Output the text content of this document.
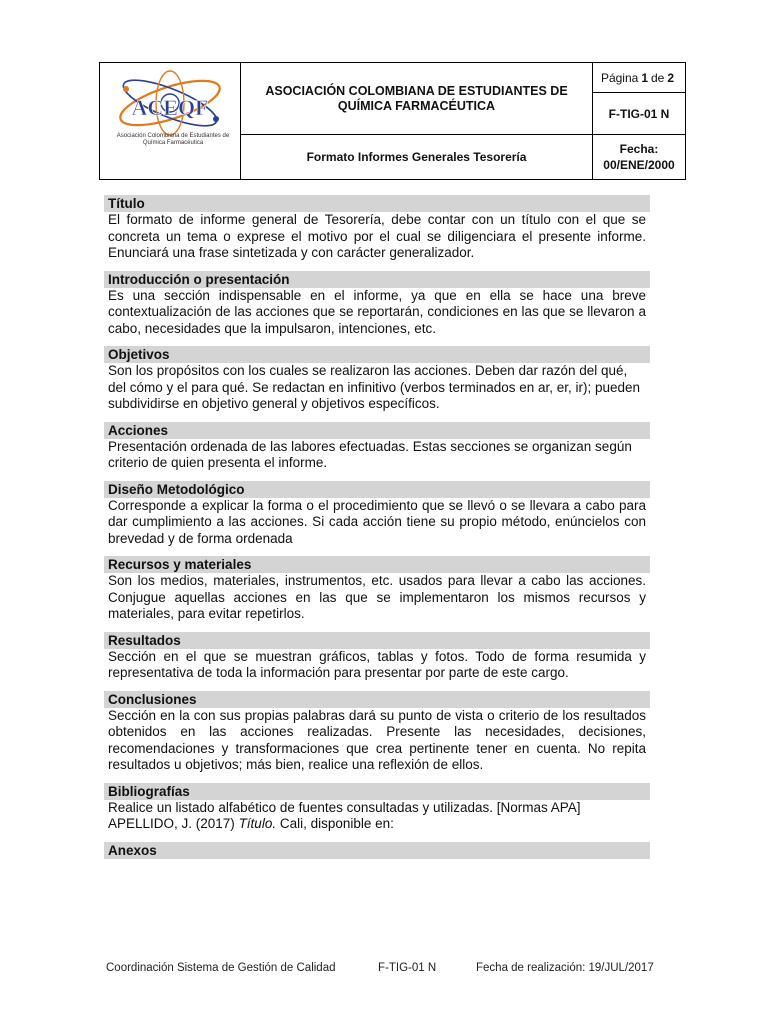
ACEQF
Asociación Colombiana de Estudiantes de Química Farmacéutica
ASOCIACIÓN COLOMBIANA DE ESTUDIANTES DE QUÍMICA FARMACÉUTICA
Formato Informes Generales Tesorería
Página 1 de 2
F-TIG-01 N
Fecha:
00/ENE/2000
Título

El formato de informe general de Tesorería, debe contar con un título con el que se concreta un tema o exprese el motivo por el cual se diligenciara el presente informe. Enunciará una frase sintetizada y con carácter generalizador.

Introducción o presentación

Es una sección indispensable en el informe, ya que en ella se hace una breve contextualización de las acciones que se reportarán, condiciones en las que se llevaron a cabo, necesidades que la impulsaron, intenciones, etc.

Objetivos

Son los propósitos con los cuales se realizaron las acciones. Deben dar razón del qué, del cómo y el para qué. Se redactan en infinitivo (verbos terminados en ar, er, ir); pueden subdividirse en objetivo general y objetivos específicos.

Acciones

Presentación ordenada de las labores efectuadas. Estas secciones se organizan según criterio de quien presenta el informe.

Diseño Metodológico

Corresponde a explicar la forma o el procedimiento que se llevó o se llevara a cabo para dar cumplimiento a las acciones. Si cada acción tiene su propio método, enúncielos con brevedad y de forma ordenada

Recursos y materiales

Son los medios, materiales, instrumentos, etc. usados para llevar a cabo las acciones. Conjugue aquellas acciones en las que se implementaron los mismos recursos y materiales, para evitar repetirlos.

Resultados

Sección en el que se muestran gráficos, tablas y fotos. Todo de forma resumida y representativa de toda la información para presentar por parte de este cargo.

Conclusiones

Sección en la con sus propias palabras dará su punto de vista o criterio de los resultados obtenidos en las acciones realizadas. Presente las necesidades, decisiones, recomendaciones y transformaciones que crea pertinente tener en cuenta. No repita resultados u objetivos; más bien, realice una reflexión de ellos.

Bibliografías

Realice un listado alfabético de fuentes consultadas y utilizadas. [Normas APA]

APELLIDO, J. (2017) Título. Cali, disponible en:

Anexos
Coordinación Sistema de Gestión de Calidad	F-TIG-01 N	Fecha de realización: 19/JUL/2017
